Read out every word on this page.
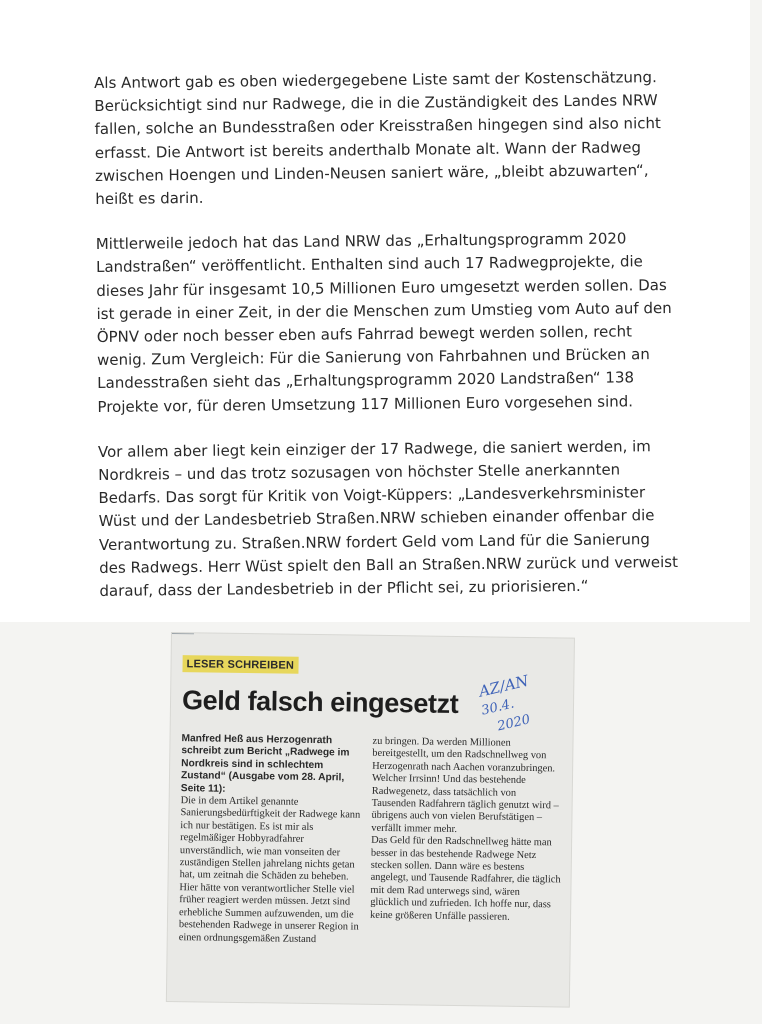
Als Antwort gab es oben wiedergegebene Liste samt der Kostenschätzung. Berücksichtigt sind nur Radwege, die in die Zuständigkeit des Landes NRW fallen, solche an Bundesstraßen oder Kreisstraßen hingegen sind also nicht erfasst. Die Antwort ist bereits anderthalb Monate alt. Wann der Radweg zwischen Hoengen und Linden-Neusen saniert wäre, „bleibt abzuwarten“, heißt es darin.

Mittlerweile jedoch hat das Land NRW das „Erhaltungsprogramm 2020 Landstraßen“ veröffentlicht. Enthalten sind auch 17 Radwegprojekte, die dieses Jahr für insgesamt 10,5 Millionen Euro umgesetzt werden sollen. Das ist gerade in einer Zeit, in der die Menschen zum Umstieg vom Auto auf den ÖPNV oder noch besser eben aufs Fahrrad bewegt werden sollen, recht wenig. Zum Vergleich: Für die Sanierung von Fahrbahnen und Brücken an Landesstraßen sieht das „Erhaltungsprogramm 2020 Landstraßen“ 138 Projekte vor, für deren Umsetzung 117 Millionen Euro vorgesehen sind.

Vor allem aber liegt kein einziger der 17 Radwege, die saniert werden, im Nordkreis – und das trotz sozusagen von höchster Stelle anerkannten Bedarfs. Das sorgt für Kritik von Voigt-Küppers: „Landesverkehrsminister Wüst und der Landesbetrieb Straßen.NRW schieben einander offenbar die Verantwortung zu. Straßen.NRW fordert Geld vom Land für die Sanierung des Radwegs. Herr Wüst spielt den Ball an Straßen.NRW zurück und verweist darauf, dass der Landesbetrieb in der Pflicht sei, zu priorisieren.“

LESER SCHREIBEN
Geld falsch eingesetzt AZ/AN
30.4.
2020

Manfred Heß aus Herzogenrath schreibt zum Bericht „Radwege im Nordkreis sind in schlechtem Zustand“ (Ausgabe vom 28. April, Seite 11):

Die in dem Artikel genannte Sanierungsbedürftigkeit der Radwege kann ich nur bestätigen. Es ist mir als regelmäßiger Hobbyradfahrer unverständlich, wie man vonseiten der zuständigen Stellen jahrelang nichts getan hat, um zeitnah die Schäden zu beheben. Hier hätte von verantwortlicher Stelle viel früher reagiert werden müssen. Jetzt sind erhebliche Summen aufzuwenden, um die bestehenden Radwege in unserer Region in einen ordnungsgemäßen Zustand

zu bringen. Da werden Millionen bereitgestellt, um den Radschnellweg von Herzogenrath nach Aachen voranzubringen. Welcher Irrsinn! Und das bestehende Radwegenetz, dass tatsächlich von Tausenden Radfahrern täglich genutzt wird – übrigens auch von vielen Berufstätigen – verfällt immer mehr.

Das Geld für den Radschnellweg hätte man besser in das bestehende Radwege Netz stecken sollen. Dann wäre es bestens angelegt, und Tausende Radfahrer, die täglich mit dem Rad unterwegs sind, wären glücklich und zufrieden. Ich hoffe nur, dass keine größeren Unfälle passieren.
